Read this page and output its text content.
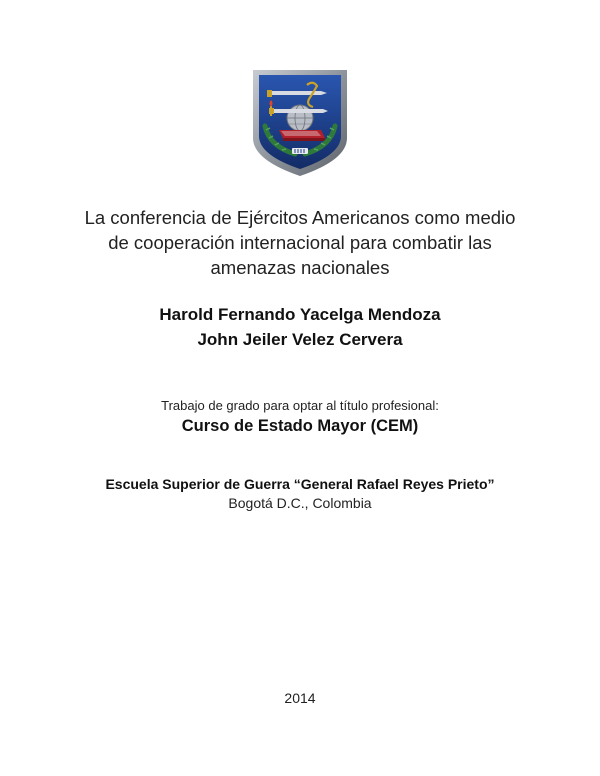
La conferencia de Ejércitos Americanos como medio
de cooperación internacional para combatir las
amenazas nacionales
Harold Fernando Yacelga Mendoza
John Jeiler Velez Cervera
Trabajo de grado para optar al título profesional:
Curso de Estado Mayor (CEM)
Escuela Superior de Guerra “General Rafael Reyes Prieto”
Bogotá D.C., Colombia
2014
